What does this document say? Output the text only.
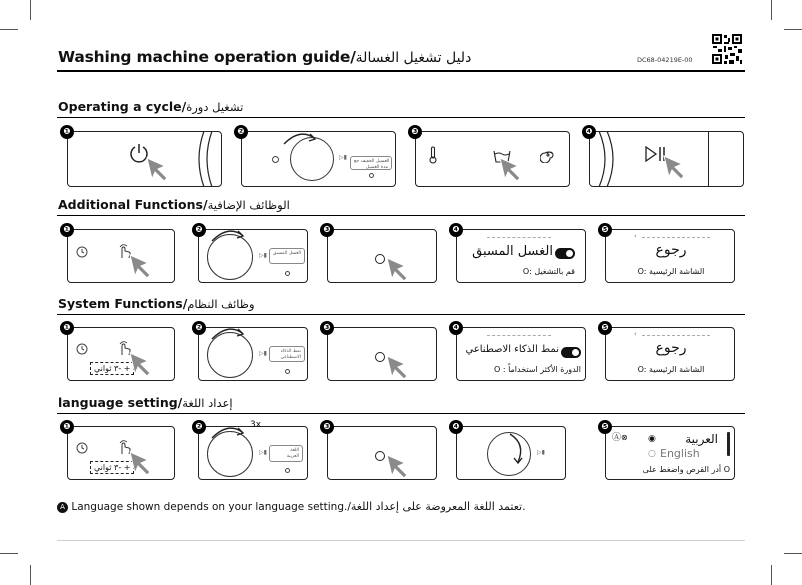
Washing machine operation guide/دليل تشغيل الغسالة	DC68-04219E-00
Operating a cycle/تشغيل دورة
❶
▷▮
الغسيل الخفيف جع
مدة الغسيل
❷	❸	❹
Additional Functions/الوظائف الإضافية
❶
▷▮	الغسل المسبق
❷	❸
الغسل المسبق
O: قم بالتشغيل
❹
‹
رجوع
O: الشاشة الرئيسية
❺
System Functions/وظائف النظام
٣ ثواني- +
❶
▷▮	نمط الذكاء الاصطناعي
❷	❸
نمط الذكاء الاصطناعي
O : الدورة الأكثر استخداماً
❹
‹
رجوع
O: الشاشة الرئيسية
❺
language setting/إعداد اللغة
٣ ثواني- +
❶
▷▮	اللغة
العربية
3x
❷	❸
▷▮
❹
Ⓐ⊗ ◉	العربية
○ English
أدر القرص واضغط على O
❺
A Language shown depends on your language setting./تعتمد اللغة المعروضة على إعداد اللغة.
